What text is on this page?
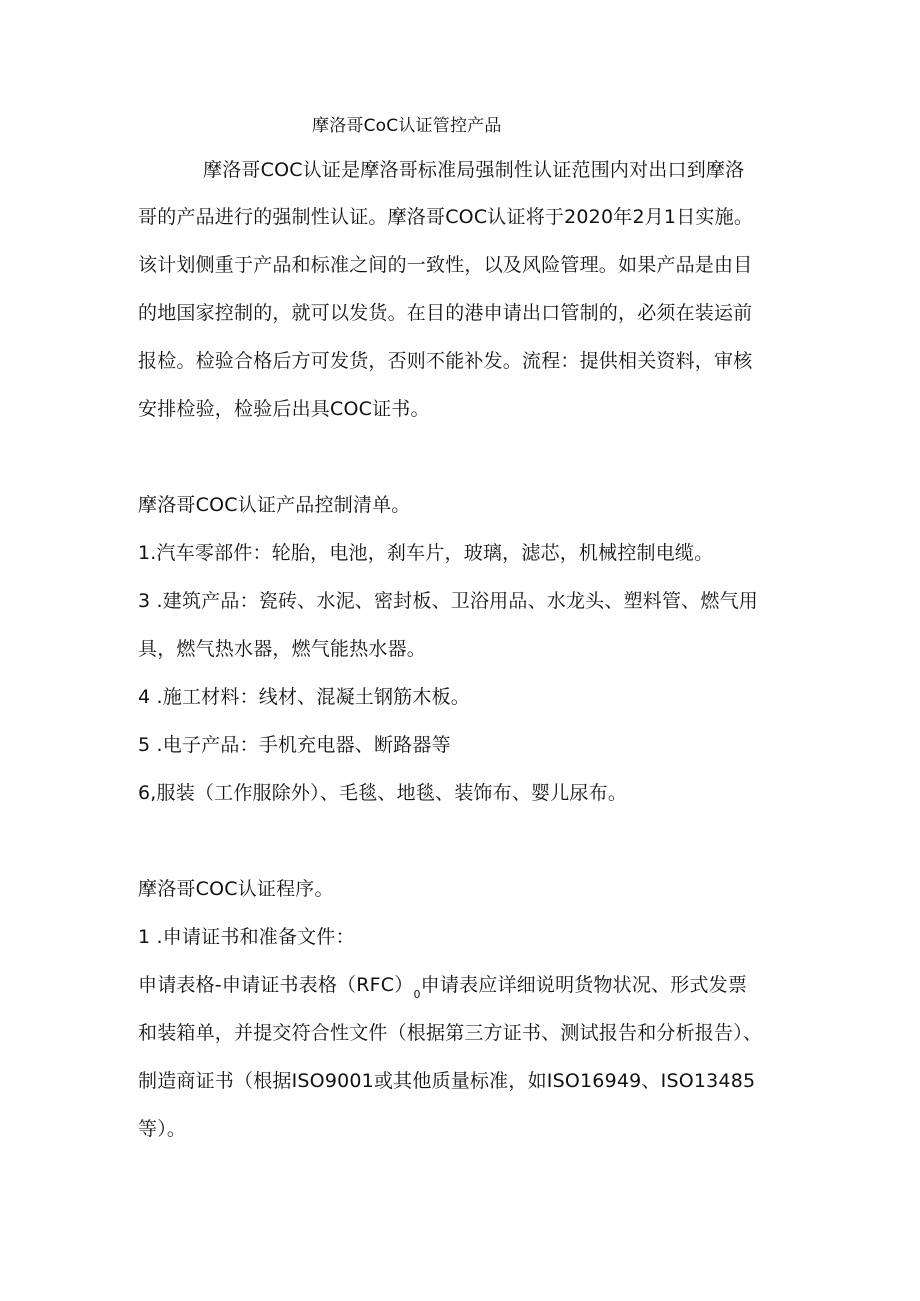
摩洛哥CoC认证管控产品
摩洛哥COC认证是摩洛哥标准局强制性认证范围内对出口到摩洛
哥的产品进行的强制性认证。摩洛哥COC认证将于2020年2月1日实施。
该计划侧重于产品和标准之间的一致性，以及风险管理。如果产品是由目
的地国家控制的，就可以发货。在目的港申请出口管制的，必须在装运前
报检。检验合格后方可发货，否则不能补发。流程：提供相关资料，审核
安排检验，检验后出具COC证书。
摩洛哥COC认证产品控制清单。
1.汽车零部件：轮胎，电池，刹车片，玻璃，滤芯，机械控制电缆。
3 .建筑产品：瓷砖、水泥、密封板、卫浴用品、水龙头、塑料管、燃气用
具，燃气热水器，燃气能热水器。
4 .施工材料：线材、混凝土钢筋木板。
5 .电子产品：手机充电器、断路器等
6,服装（工作服除外）、毛毯、地毯、装饰布、婴儿尿布。
摩洛哥COC认证程序。
1 .申请证书和准备文件：
申请表格-申请证书表格$(RFC)_0$申请表应详细说明货物状况、形式发票
和装箱单，并提交符合性文件（根据第三方证书、测试报告和分析报告）、
制造商证书（根据ISO9001或其他质量标准，如ISO16949、ISO13485
等）。
